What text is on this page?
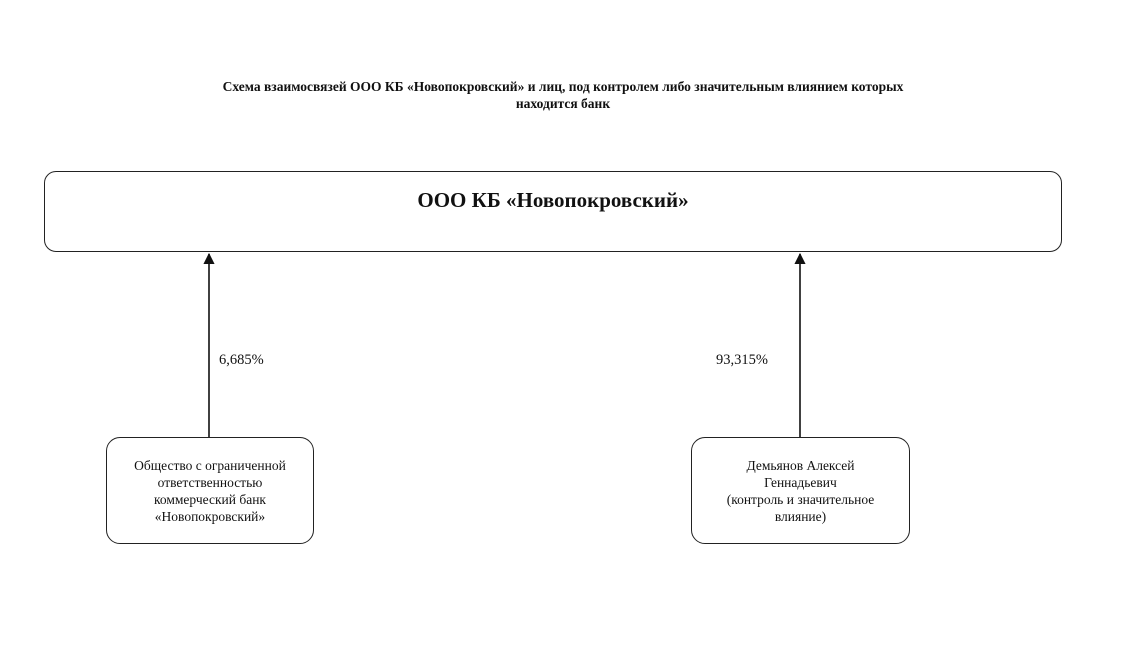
Схема взаимосвязей ООО КБ «Новопокровский» и лиц, под контролем либо значительным влиянием которых
находится банк
ООО КБ «Новопокровский»
6,685%	93,315%
Общество с ограниченной
ответственностью
коммерческий банк
«Новопокровский»
Демьянов Алексей
Геннадьевич
(контроль и значительное
влияние)
